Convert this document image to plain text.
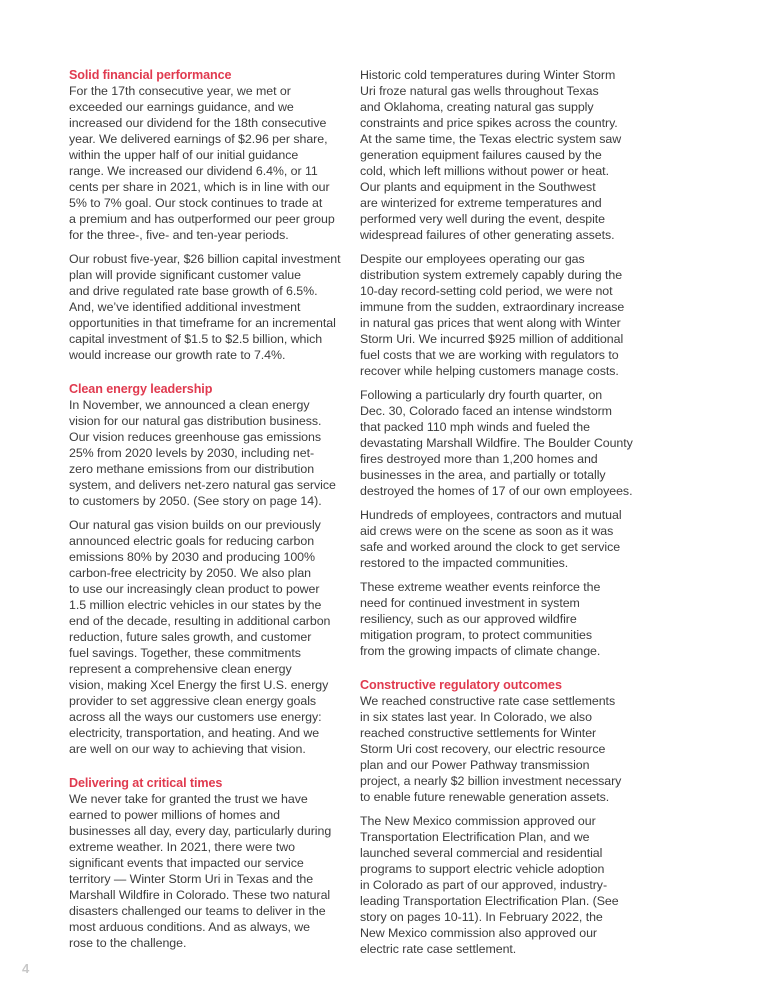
Solid financial performance

For the 17th consecutive year, we met or
exceeded our earnings guidance, and we
increased our dividend for the 18th consecutive
year. We delivered earnings of $2.96 per share,
within the upper half of our initial guidance
range. We increased our dividend 6.4%, or 11
cents per share in 2021, which is in line with our
5% to 7% goal. Our stock continues to trade at
a premium and has outperformed our peer group
for the three-, five- and ten-year periods.

Our robust five-year, $26 billion capital investment
plan will provide significant customer value
and drive regulated rate base growth of 6.5%.
And, we’ve identified additional investment
opportunities in that timeframe for an incremental
capital investment of $1.5 to $2.5 billion, which
would increase our growth rate to 7.4%.

Clean energy leadership

In November, we announced a clean energy
vision for our natural gas distribution business.
Our vision reduces greenhouse gas emissions
25% from 2020 levels by 2030, including net-
zero methane emissions from our distribution
system, and delivers net-zero natural gas service
to customers by 2050. (See story on page 14).

Our natural gas vision builds on our previously
announced electric goals for reducing carbon
emissions 80% by 2030 and producing 100%
carbon-free electricity by 2050. We also plan
to use our increasingly clean product to power
1.5 million electric vehicles in our states by the
end of the decade, resulting in additional carbon
reduction, future sales growth, and customer
fuel savings. Together, these commitments
represent a comprehensive clean energy
vision, making Xcel Energy the first U.S. energy
provider to set aggressive clean energy goals
across all the ways our customers use energy:
electricity, transportation, and heating. And we
are well on our way to achieving that vision.

Delivering at critical times

We never take for granted the trust we have
earned to power millions of homes and
businesses all day, every day, particularly during
extreme weather. In 2021, there were two
significant events that impacted our service
territory — Winter Storm Uri in Texas and the
Marshall Wildfire in Colorado. These two natural
disasters challenged our teams to deliver in the
most arduous conditions. And as always, we
rose to the challenge.

Historic cold temperatures during Winter Storm
Uri froze natural gas wells throughout Texas
and Oklahoma, creating natural gas supply
constraints and price spikes across the country.
At the same time, the Texas electric system saw
generation equipment failures caused by the
cold, which left millions without power or heat.
Our plants and equipment in the Southwest
are winterized for extreme temperatures and
performed very well during the event, despite
widespread failures of other generating assets.

Despite our employees operating our gas
distribution system extremely capably during the
10-day record-setting cold period, we were not
immune from the sudden, extraordinary increase
in natural gas prices that went along with Winter
Storm Uri. We incurred $925 million of additional
fuel costs that we are working with regulators to
recover while helping customers manage costs.

Following a particularly dry fourth quarter, on
Dec. 30, Colorado faced an intense windstorm
that packed 110 mph winds and fueled the
devastating Marshall Wildfire. The Boulder County
fires destroyed more than 1,200 homes and
businesses in the area, and partially or totally
destroyed the homes of 17 of our own employees.

Hundreds of employees, contractors and mutual
aid crews were on the scene as soon as it was
safe and worked around the clock to get service
restored to the impacted communities.

These extreme weather events reinforce the
need for continued investment in system
resiliency, such as our approved wildfire
mitigation program, to protect communities
from the growing impacts of climate change.

Constructive regulatory outcomes

We reached constructive rate case settlements
in six states last year. In Colorado, we also
reached constructive settlements for Winter
Storm Uri cost recovery, our electric resource
plan and our Power Pathway transmission
project, a nearly $2 billion investment necessary
to enable future renewable generation assets.

The New Mexico commission approved our
Transportation Electrification Plan, and we
launched several commercial and residential
programs to support electric vehicle adoption
in Colorado as part of our approved, industry-
leading Transportation Electrification Plan. (See
story on pages 10-11). In February 2022, the
New Mexico commission also approved our
electric rate case settlement.

4
